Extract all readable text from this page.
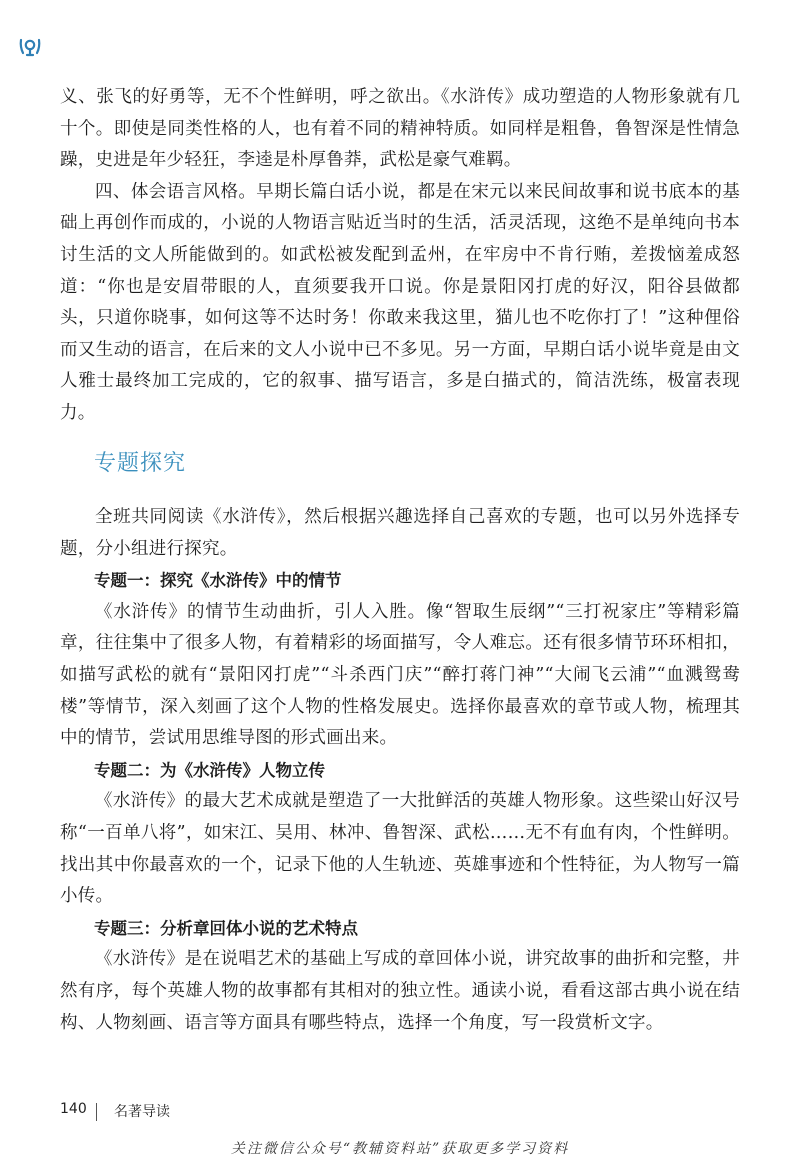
义、张飞的好勇等，无不个性鲜明，呼之欲出。《水浒传》成功塑造的人物形象就有几十个。即使是同类性格的人，也有着不同的精神特质。如同样是粗鲁，鲁智深是性情急躁，史进是年少轻狂，李逵是朴厚鲁莽，武松是豪气难羁。

四、体会语言风格。早期长篇白话小说，都是在宋元以来民间故事和说书底本的基础上再创作而成的，小说的人物语言贴近当时的生活，活灵活现，这绝不是单纯向书本讨生活的文人所能做到的。如武松被发配到孟州，在牢房中不肯行贿，差拨恼羞成怒道：“你也是安眉带眼的人，直须要我开口说。你是景阳冈打虎的好汉，阳谷县做都头，只道你晓事，如何这等不达时务！你敢来我这里，猫儿也不吃你打了！”这种俚俗而又生动的语言，在后来的文人小说中已不多见。另一方面，早期白话小说毕竟是由文人雅士最终加工完成的，它的叙事、描写语言，多是白描式的，简洁洗练，极富表现力。

专题探究

全班共同阅读《水浒传》，然后根据兴趣选择自己喜欢的专题，也可以另外选择专题，分小组进行探究。

专题一：探究《水浒传》中的情节

《水浒传》的情节生动曲折，引人入胜。像“智取生辰纲”“三打祝家庄”等精彩篇章，往往集中了很多人物，有着精彩的场面描写，令人难忘。还有很多情节环环相扣，如描写武松的就有“景阳冈打虎”“斗杀西门庆”“醉打蒋门神”“大闹飞云浦”“血溅鸳鸯楼”等情节，深入刻画了这个人物的性格发展史。选择你最喜欢的章节或人物，梳理其中的情节，尝试用思维导图的形式画出来。

专题二：为《水浒传》人物立传

《水浒传》的最大艺术成就是塑造了一大批鲜活的英雄人物形象。这些梁山好汉号称“一百单八将”，如宋江、吴用、林冲、鲁智深、武松……无不有血有肉，个性鲜明。找出其中你最喜欢的一个，记录下他的人生轨迹、英雄事迹和个性特征，为人物写一篇小传。

专题三：分析章回体小说的艺术特点

《水浒传》是在说唱艺术的基础上写成的章回体小说，讲究故事的曲折和完整，井然有序，每个英雄人物的故事都有其相对的独立性。通读小说，看看这部古典小说在结构、人物刻画、语言等方面具有哪些特点，选择一个角度，写一段赏析文字。

140 名著导读
关注微信公众号“教辅资料站”获取更多学习资料
